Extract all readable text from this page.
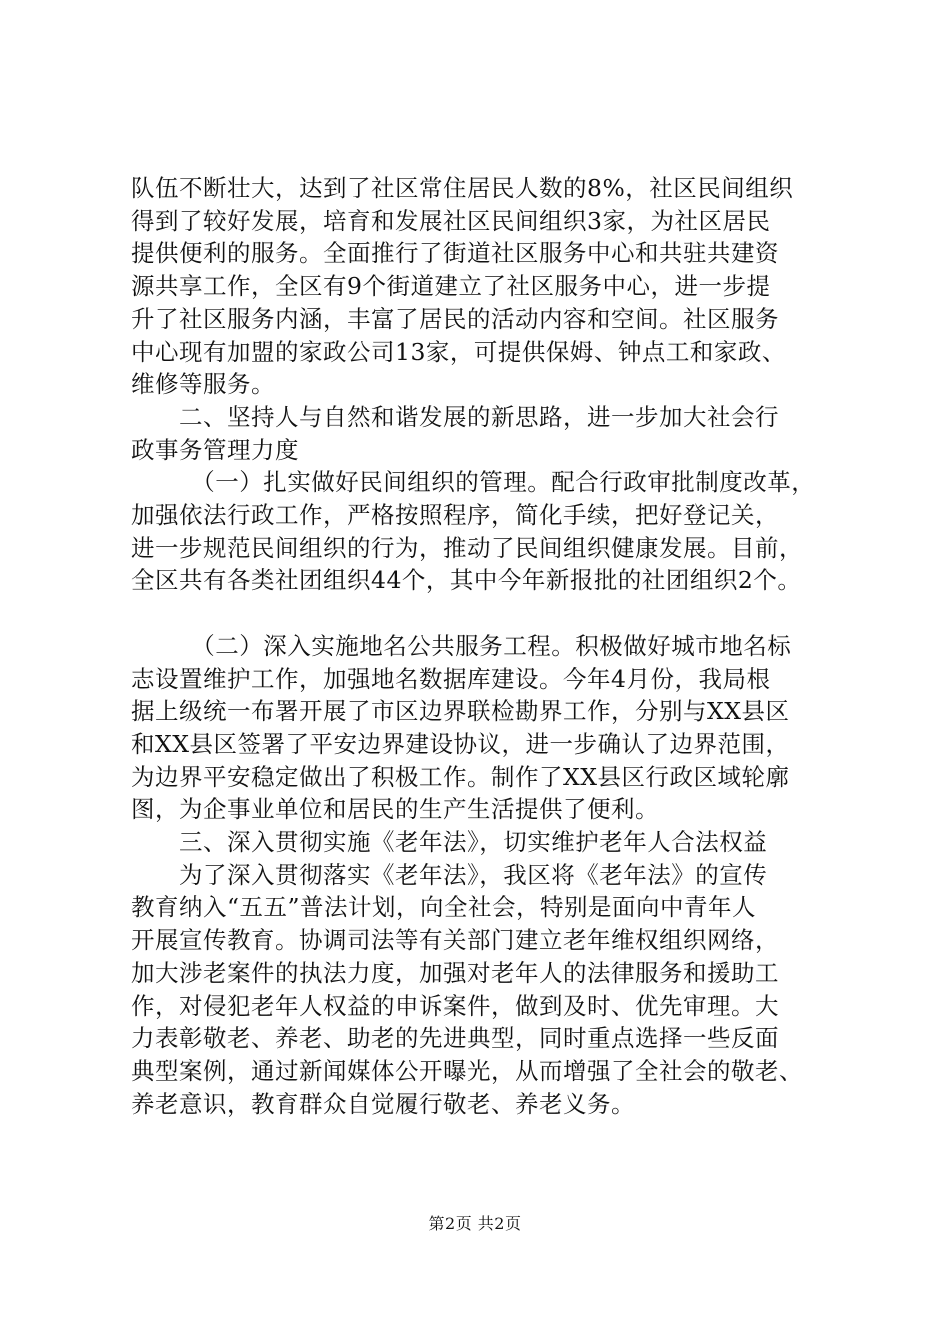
队伍不断壮大，达到了社区常住居民人数的8%，社区民间组织
得到了较好发展，培育和发展社区民间组织3家，为社区居民
提供便利的服务。全面推行了街道社区服务中心和共驻共建资
源共享工作，全区有9个街道建立了社区服务中心，进一步提
升了社区服务内涵，丰富了居民的活动内容和空间。社区服务
中心现有加盟的家政公司13家，可提供保姆、钟点工和家政、
维修等服务。
　　二、坚持人与自然和谐发展的新思路，进一步加大社会行
政事务管理力度
　　　（一）扎实做好民间组织的管理。配合行政审批制度改革，
加强依法行政工作，严格按照程序，简化手续，把好登记关，
进一步规范民间组织的行为，推动了民间组织健康发展。目前，
全区共有各类社团组织44个，其中今年新报批的社团组织2个。
　　　（二）深入实施地名公共服务工程。积极做好城市地名标
志设置维护工作，加强地名数据库建设。今年4月份，我局根
据上级统一布署开展了市区边界联检勘界工作，分别与XX县区
和XX县区签署了平安边界建设协议，进一步确认了边界范围，
为边界平安稳定做出了积极工作。制作了XX县区行政区域轮廓
图，为企事业单位和居民的生产生活提供了便利。
　　三、深入贯彻实施《老年法》，切实维护老年人合法权益
　　为了深入贯彻落实《老年法》，我区将《老年法》的宣传
教育纳入“五五”普法计划，向全社会，特别是面向中青年人
开展宣传教育。协调司法等有关部门建立老年维权组织网络，
加大涉老案件的执法力度，加强对老年人的法律服务和援助工
作，对侵犯老年人权益的申诉案件，做到及时、优先审理。大
力表彰敬老、养老、助老的先进典型，同时重点选择一些反面
典型案例，通过新闻媒体公开曝光，从而增强了全社会的敬老、
养老意识，教育群众自觉履行敬老、养老义务。
第2页 共2页
